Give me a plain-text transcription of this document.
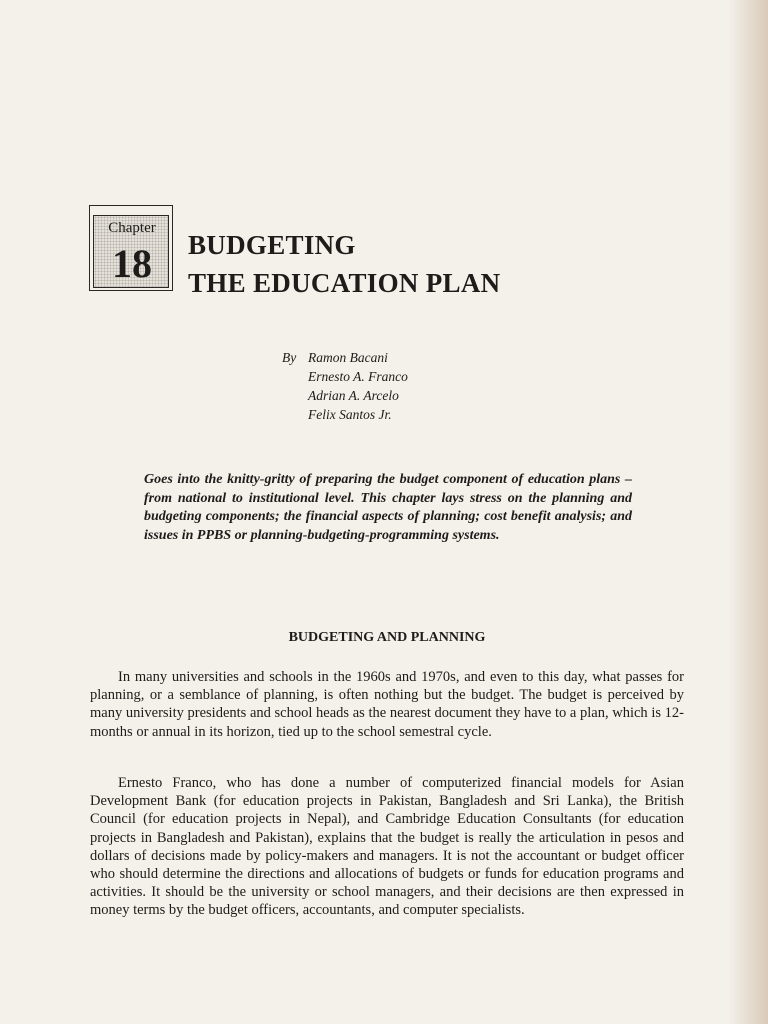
Chapter
18	BUDGETING
THE EDUCATION PLAN
By Ramon Bacani
Ernesto A. Franco
Adrian A. Arcelo
Felix Santos Jr.

Goes into the knitty-gritty of preparing the budget component of education plans – from national to institutional level. This chapter lays stress on the planning and budgeting components; the financial aspects of planning; cost benefit analysis; and issues in PPBS or planning-budgeting-programming systems.

BUDGETING AND PLANNING

In many universities and schools in the 1960s and 1970s, and even to this day, what passes for planning, or a semblance of planning, is often nothing but the budget. The budget is perceived by many university presidents and school heads as the nearest document they have to a plan, which is 12-months or annual in its horizon, tied up to the school semestral cycle.

Ernesto Franco, who has done a number of computerized financial models for Asian Development Bank (for education projects in Pakistan, Bangladesh and Sri Lanka), the British Council (for education projects in Nepal), and Cambridge Education Consultants (for education projects in Bangladesh and Pakistan), explains that the budget is really the articulation in pesos and dollars of decisions made by policy-makers and managers. It is not the accountant or budget officer who should determine the directions and allocations of budgets or funds for education programs and activities. It should be the university or school managers, and their decisions are then expressed in money terms by the budget officers, accountants, and computer specialists.
